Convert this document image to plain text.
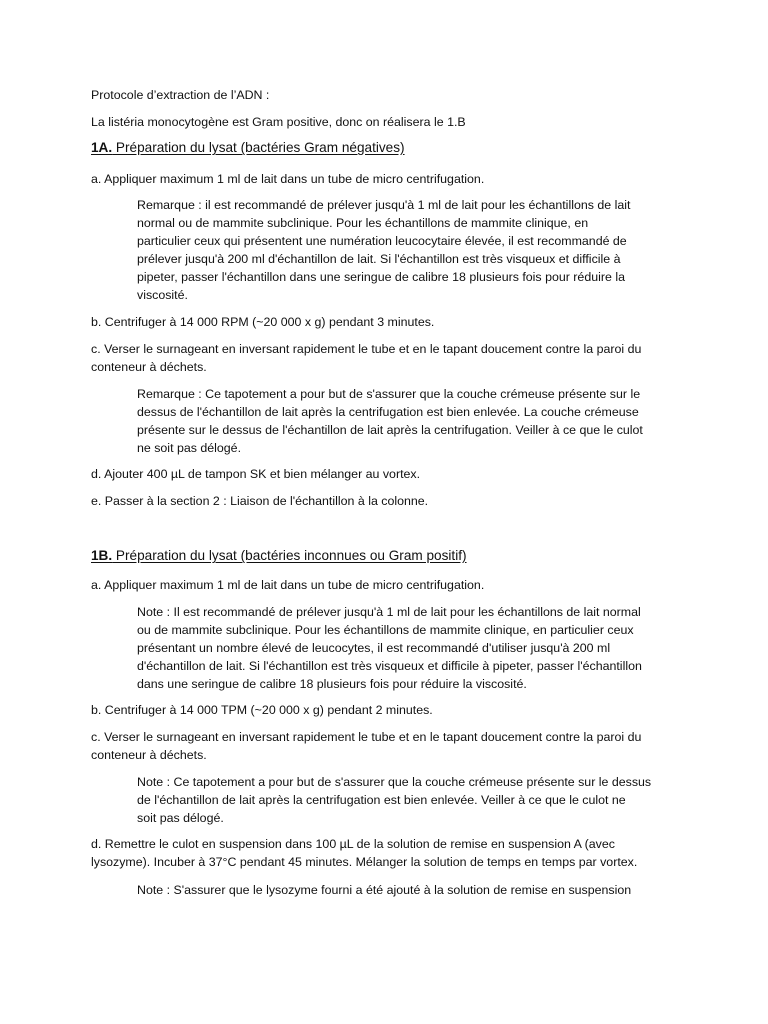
Protocole d’extraction de l’ADN :

La listéria monocytogène est Gram positive, donc on réalisera le 1.B

1A. Préparation du lysat (bactéries Gram négatives)

a. Appliquer maximum 1 ml de lait dans un tube de micro centrifugation.

Remarque : il est recommandé de prélever jusqu'à 1 ml de lait pour les échantillons de lait

normal ou de mammite subclinique. Pour les échantillons de mammite clinique, en

particulier ceux qui présentent une numération leucocytaire élevée, il est recommandé de

prélever jusqu'à 200 ml d'échantillon de lait. Si l'échantillon est très visqueux et difficile à

pipeter, passer l'échantillon dans une seringue de calibre 18 plusieurs fois pour réduire la

viscosité.

b. Centrifuger à 14 000 RPM (~20 000 x g) pendant 3 minutes.

c. Verser le surnageant en inversant rapidement le tube et en le tapant doucement contre la paroi du

conteneur à déchets.

Remarque : Ce tapotement a pour but de s'assurer que la couche crémeuse présente sur le

dessus de l'échantillon de lait après la centrifugation est bien enlevée. La couche crémeuse

présente sur le dessus de l'échantillon de lait après la centrifugation. Veiller à ce que le culot

ne soit pas délogé.

d. Ajouter 400 µL de tampon SK et bien mélanger au vortex.

e. Passer à la section 2 : Liaison de l'échantillon à la colonne.

1B. Préparation du lysat (bactéries inconnues ou Gram positif)

a. Appliquer maximum 1 ml de lait dans un tube de micro centrifugation.

Note : Il est recommandé de prélever jusqu'à 1 ml de lait pour les échantillons de lait normal

ou de mammite subclinique. Pour les échantillons de mammite clinique, en particulier ceux

présentant un nombre élevé de leucocytes, il est recommandé d'utiliser jusqu'à 200 ml

d'échantillon de lait. Si l'échantillon est très visqueux et difficile à pipeter, passer l'échantillon

dans une seringue de calibre 18 plusieurs fois pour réduire la viscosité.

b. Centrifuger à 14 000 TPM (~20 000 x g) pendant 2 minutes.

c. Verser le surnageant en inversant rapidement le tube et en le tapant doucement contre la paroi du

conteneur à déchets.

Note : Ce tapotement a pour but de s'assurer que la couche crémeuse présente sur le dessus

de l'échantillon de lait après la centrifugation est bien enlevée. Veiller à ce que le culot ne

soit pas délogé.

d. Remettre le culot en suspension dans 100 µL de la solution de remise en suspension A (avec

lysozyme). Incuber à 37°C pendant 45 minutes. Mélanger la solution de temps en temps par vortex.

Note : S'assurer que le lysozyme fourni a été ajouté à la solution de remise en suspension
